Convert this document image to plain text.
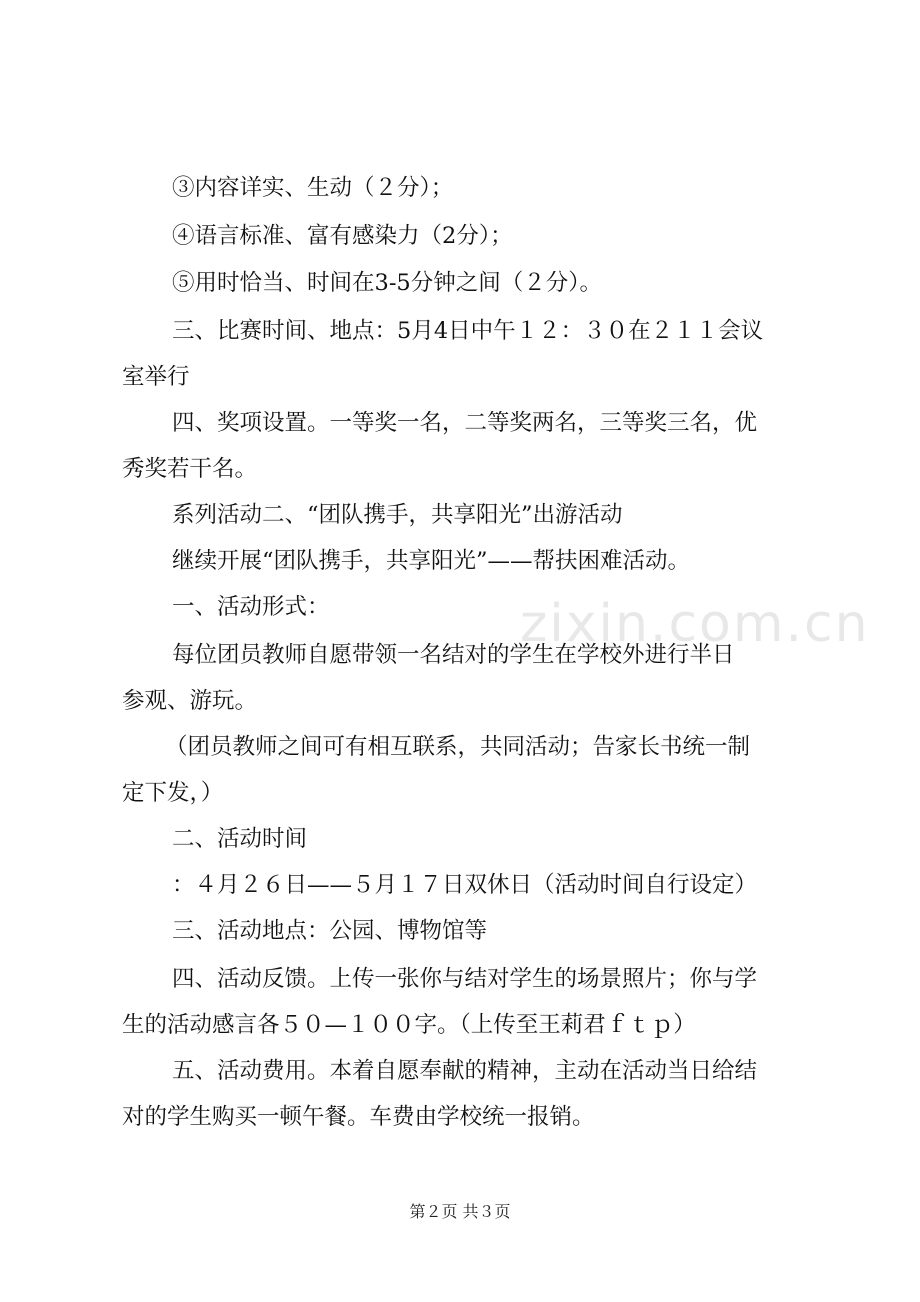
zixin.com.cn
③内容详实、生动（２分）；
④语言标准、富有感染力（2分）；
⑤用时恰当、时间在3-5分钟之间（２分）。
三、比赛时间、地点：5月4日中午１２：３０在２１１会议
室举行
四、奖项设置。一等奖一名，二等奖两名，三等奖三名，优
秀奖若干名。
系列活动二、“团队携手，共享阳光”出游活动
继续开展“团队携手，共享阳光”——帮扶困难活动。
一、活动形式：
每位团员教师自愿带领一名结对的学生在学校外进行半日
参观、游玩。
（团员教师之间可有相互联系，共同活动；告家长书统一制
定下发，）
二、活动时间
：４月２６日——５月１７日双休日（活动时间自行设定）
三、活动地点：公园、博物馆等
四、活动反馈。上传一张你与结对学生的场景照片；你与学
生的活动感言各５０—１００字。（上传至王莉君ｆｔｐ）
五、活动费用。本着自愿奉献的精神，主动在活动当日给结
对的学生购买一顿午餐。车费由学校统一报销。
第２页 共３页
